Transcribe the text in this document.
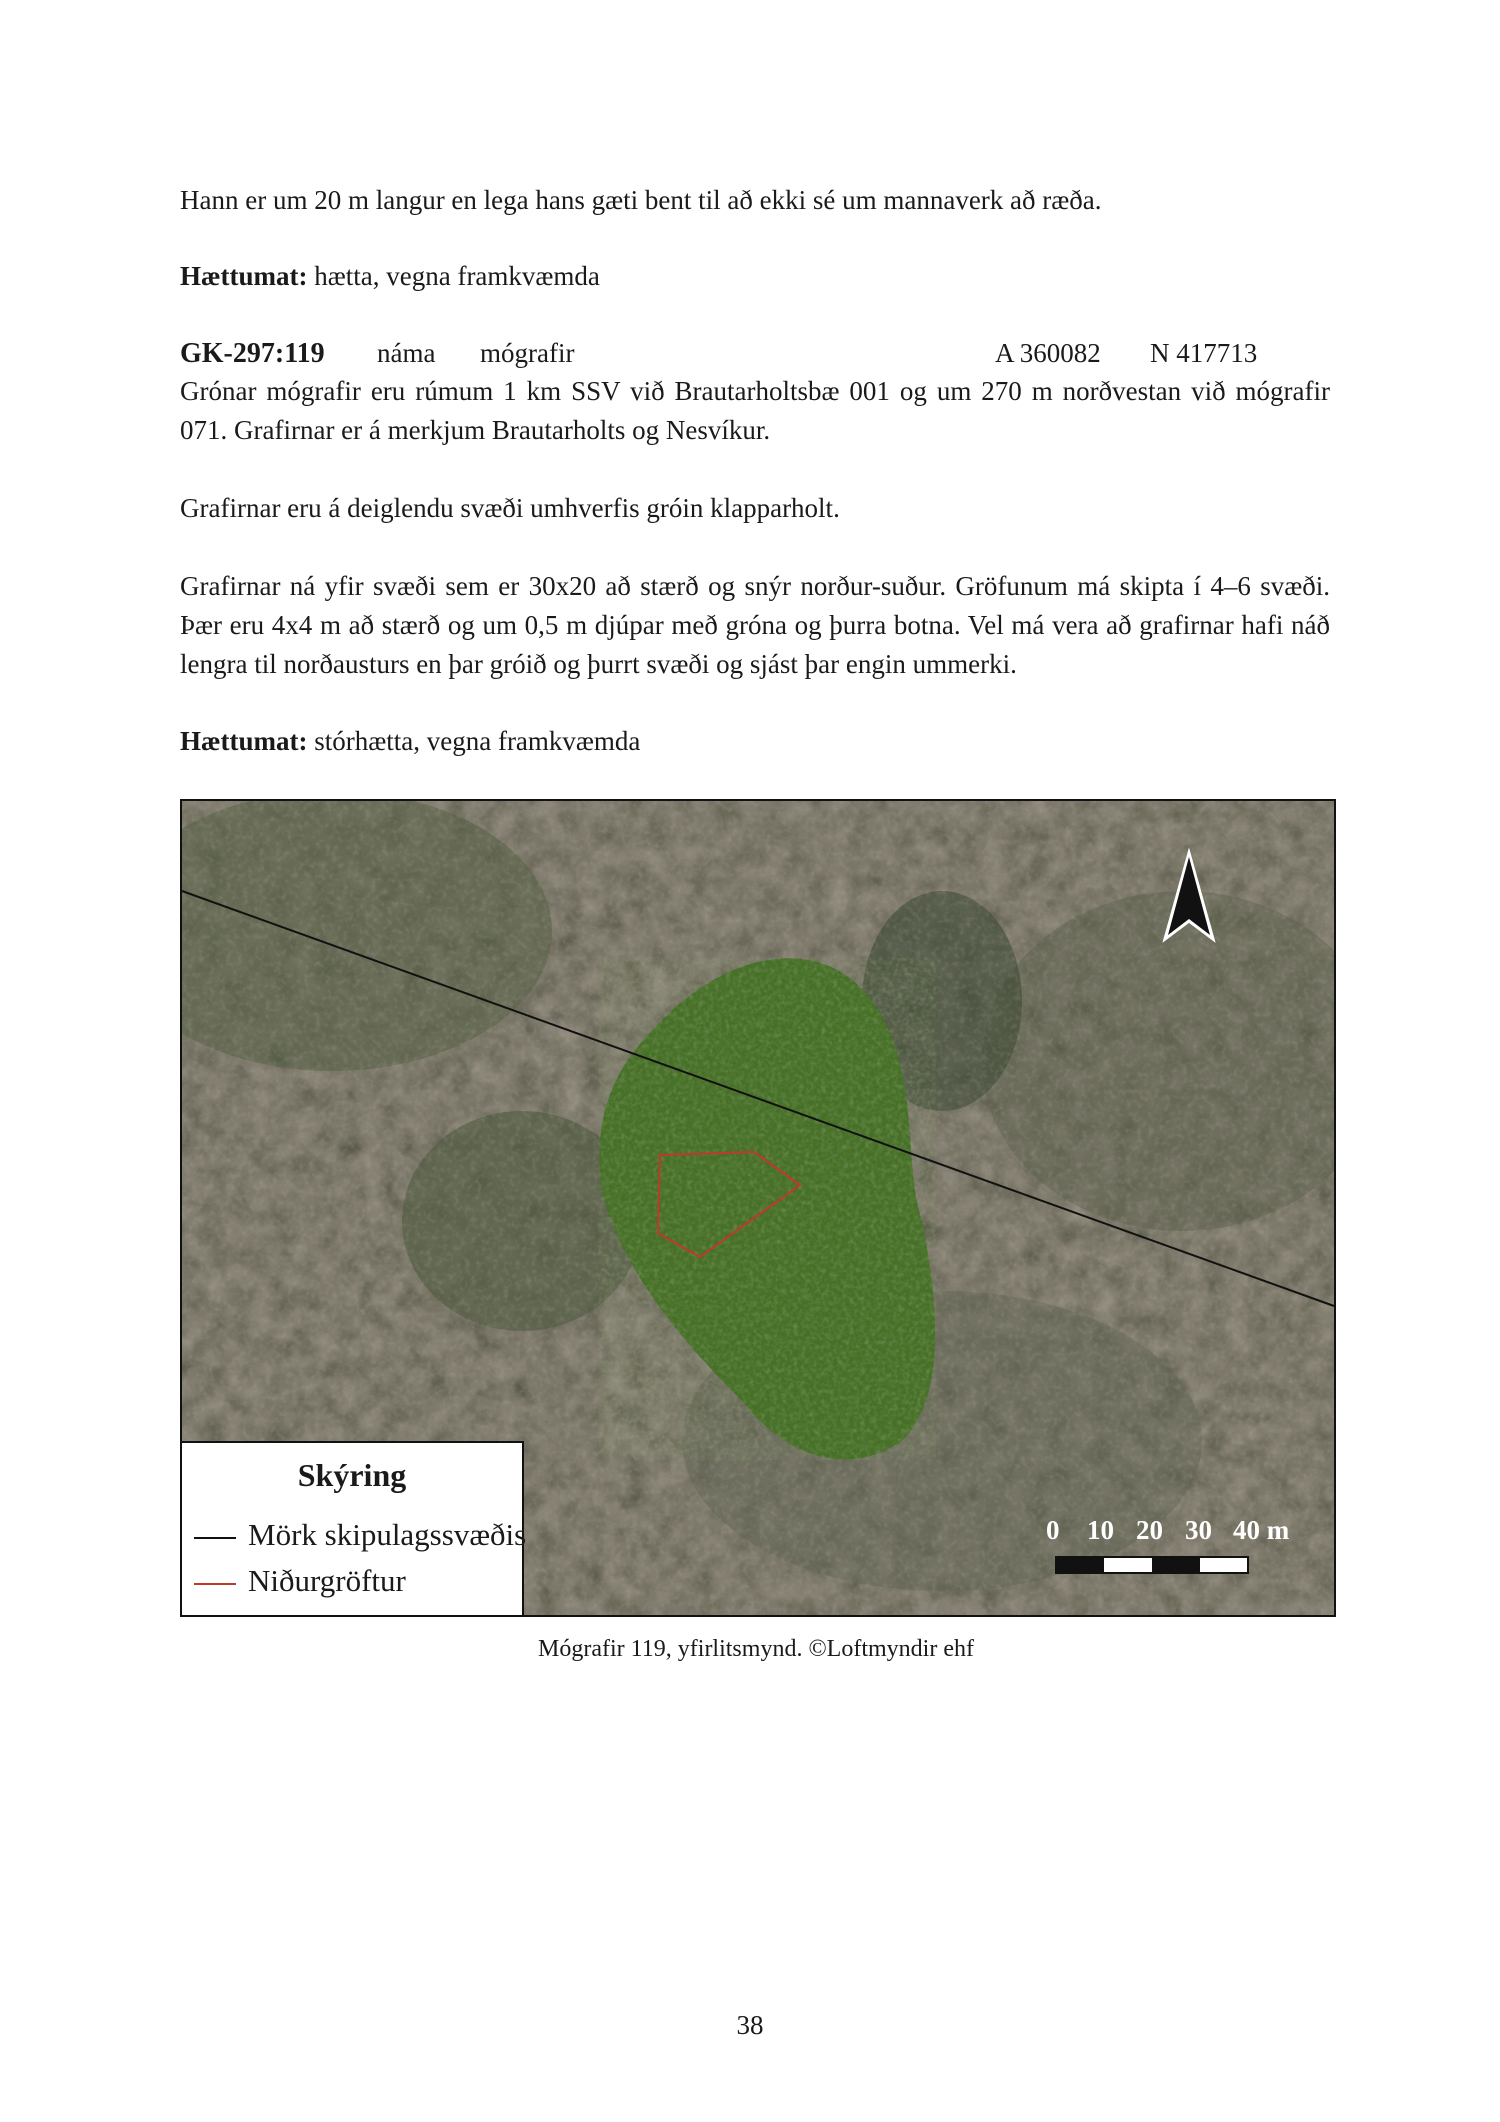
Hann er um 20 m langur en lega hans gæti bent til að ekki sé um mannaverk að ræða.

Hættumat: hætta, vegna framkvæmda

GK-297:119 náma mógrafir	A 360082 N 417713

Grónar mógrafir eru rúmum 1 km SSV við Brautarholtsbæ 001 og um 270 m norðvestan við mógrafir 071. Grafirnar er á merkjum Brautarholts og Nesvíkur.

Grafirnar eru á deiglendu svæði umhverfis gróin klapparholt.

Grafirnar ná yfir svæði sem er 30x20 að stærð og snýr norður-suður. Gröfunum má skipta í 4–6 svæði. Þær eru 4x4 m að stærð og um 0,5 m djúpar með gróna og þurra botna. Vel má vera að grafirnar hafi náð lengra til norðausturs en þar gróið og þurrt svæði og sjást þar engin ummerki.

Hættumat: stórhætta, vegna framkvæmda

0 10 20 30 40 m
Skýring
Mörk skipulagssvæðis
Niðurgröftur
Mógrafir 119, yfirlitsmynd. ©Loftmyndir ehf
38
